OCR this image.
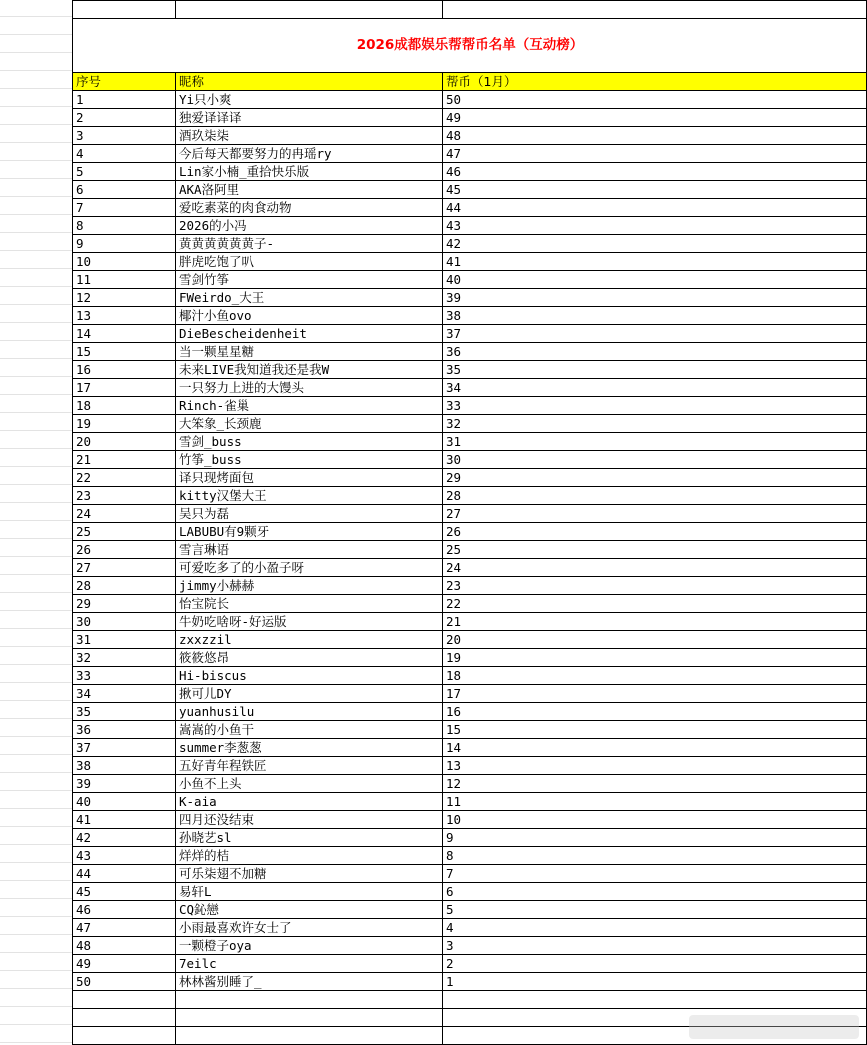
序号	昵称	帮币（1月）
1	Yi只小爽	50
2	独爱译译译	49
3	酒玖柒柒	48
4	今后每天都要努力的冉瑶ry	47
5	Lin家小楠_重拾快乐版	46
6	AKA洛阿里	45
7	爱吃素菜的肉食动物	44
8	2026的小冯	43
9	黄黄黄黄黄黄子-	42
10	胖虎吃饱了叭	41
11	雪剑竹筝	40
12	FWeirdo_大王	39
13	椰汁小鱼ovo	38
14	DieBescheidenheit	37
15	当一颗星星糖	36
16	未来LIVE我知道我还是我W	35
17	一只努力上进的大馒头	34
18	Rinch-雀巢	33
19	大笨象_长颈鹿	32
20	雪剑_buss	31
21	竹筝_buss	30
22	译只现烤面包	29
23	kitty汉堡大王	28
24	吴只为磊	27
25	LABUBU有9颗牙	26
26	雪言琳语	25
27	可爱吃多了的小盈子呀	24
28	jimmy小赫赫	23
29	怡宝院长	22
30	牛奶吃啥呀-好运版	21
31	zxxzzil	20
32	筱筱悠昂	19
33	Hi-biscus	18
34	揪可儿DY	17
35	yuanhusilu	16
36	嵩嵩的小鱼干	15
37	summer李葱葱	14
38	五好青年程铁匠	13
39	小鱼不上头	12
40	K-aia	11
41	四月还没结束	10
42	孙晓艺sl	9
43	烊烊的桔	8
44	可乐柒翅不加糖	7
45	易轩L	6
46	CQ鈊戀	5
47	小雨最喜欢许女士了	4
48	一颗橙子oya	3
49	7eilc	2
50	林林酱别睡了_	1
2026成都娱乐帮帮币名单（互动榜）
